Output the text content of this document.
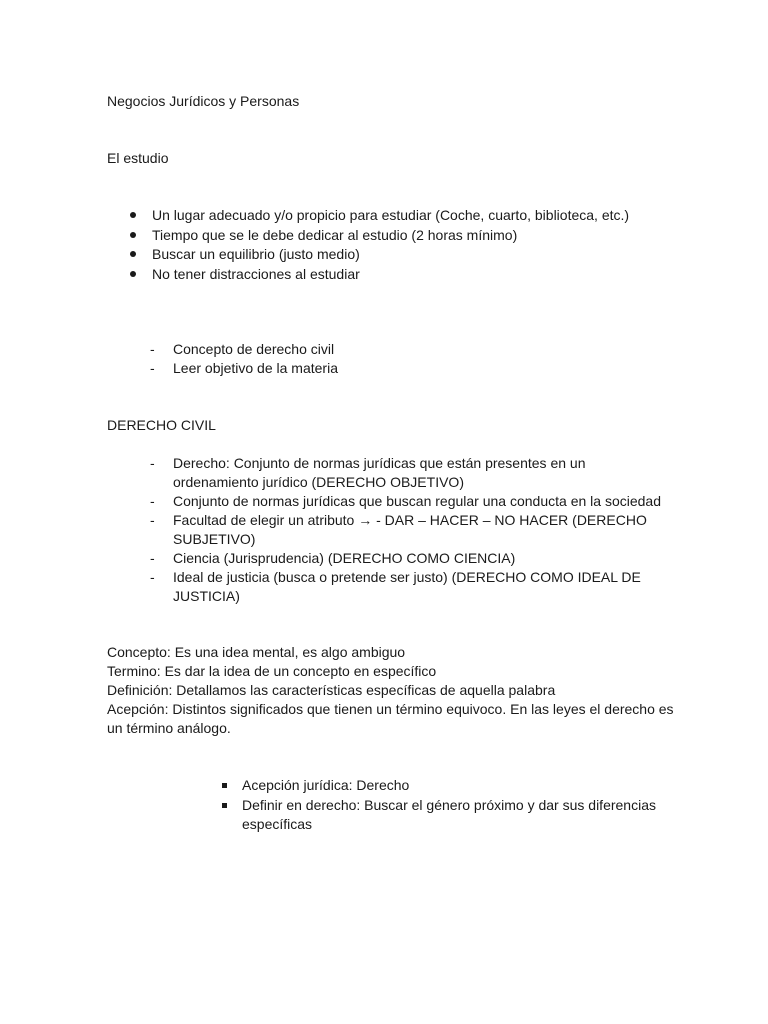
Negocios Jurídicos y Personas
El estudio
Un lugar adecuado y/o propicio para estudiar (Coche, cuarto, biblioteca, etc.)
Tiempo que se le debe dedicar al estudio (2 horas mínimo)
Buscar un equilibrio (justo medio)
No tener distracciones al estudiar
- Concepto de derecho civil
- Leer objetivo de la materia
DERECHO CIVIL
- Derecho: Conjunto de normas jurídicas que están presentes en un
ordenamiento jurídico (DERECHO OBJETIVO)
- Conjunto de normas jurídicas que buscan regular una conducta en la sociedad
- Facultad de elegir un atributo → - DAR – HACER – NO HACER (DERECHO
SUBJETIVO)
- Ciencia (Jurisprudencia) (DERECHO COMO CIENCIA)
- Ideal de justicia (busca o pretende ser justo) (DERECHO COMO IDEAL DE
JUSTICIA)
Concepto: Es una idea mental, es algo ambiguo
Termino: Es dar la idea de un concepto en específico
Definición: Detallamos las características específicas de aquella palabra
Acepción: Distintos significados que tienen un término equivoco. En las leyes el derecho es
un término análogo.
Acepción jurídica: Derecho
Definir en derecho: Buscar el género próximo y dar sus diferencias
específicas
